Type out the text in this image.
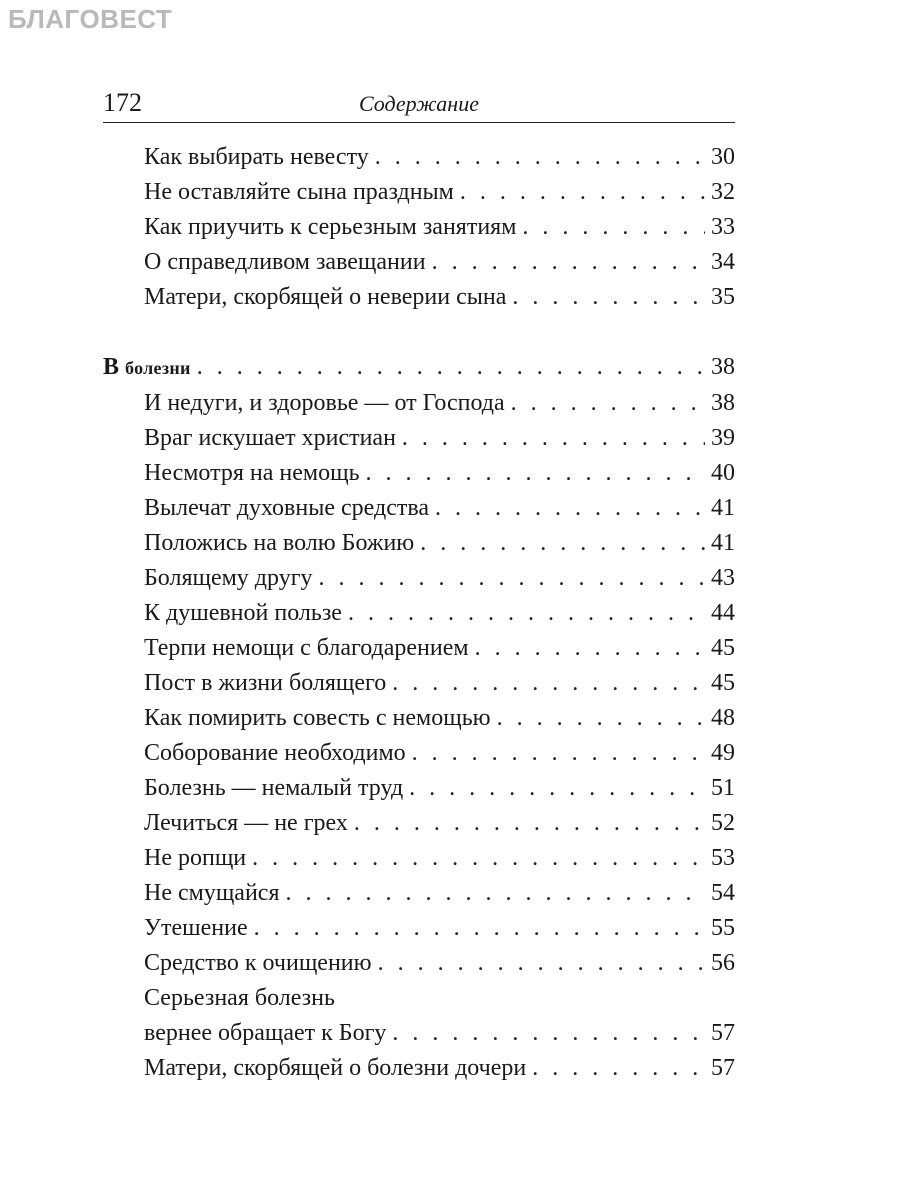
БЛАГОВЕСТ
172	Содержание
Как выбирать невесту . . .	30
Не оставляйте сына праздным . . .	32
Как приучить к серьезным занятиям . . .	33
О справедливом завещании . . .	34
Матери, скорбящей о неверии сына . . .	35
В болезни . . .	38
И недуги, и здоровье — от Господа . . .	38
Враг искушает христиан . . .	39
Несмотря на немощь . . .	40
Вылечат духовные средства . . .	41
Положись на волю Божию . . .	41
Болящему другу . . .	43
К душевной пользе . . .	44
Терпи немощи с благодарением . . .	45
Пост в жизни болящего . . .	45
Как помирить совесть с немощью . . .	48
Соборование необходимо . . .	49
Болезнь — немалый труд . . .	51
Лечиться — не грех . . .	52
Не ропщи . . .	53
Не смущайся . . .	54
Утешение . . .	55
Средство к очищению . . .	56
Серьезная болезнь
вернее обращает к Богу . . .	57
Матери, скорбящей о болезни дочери . . .	57
